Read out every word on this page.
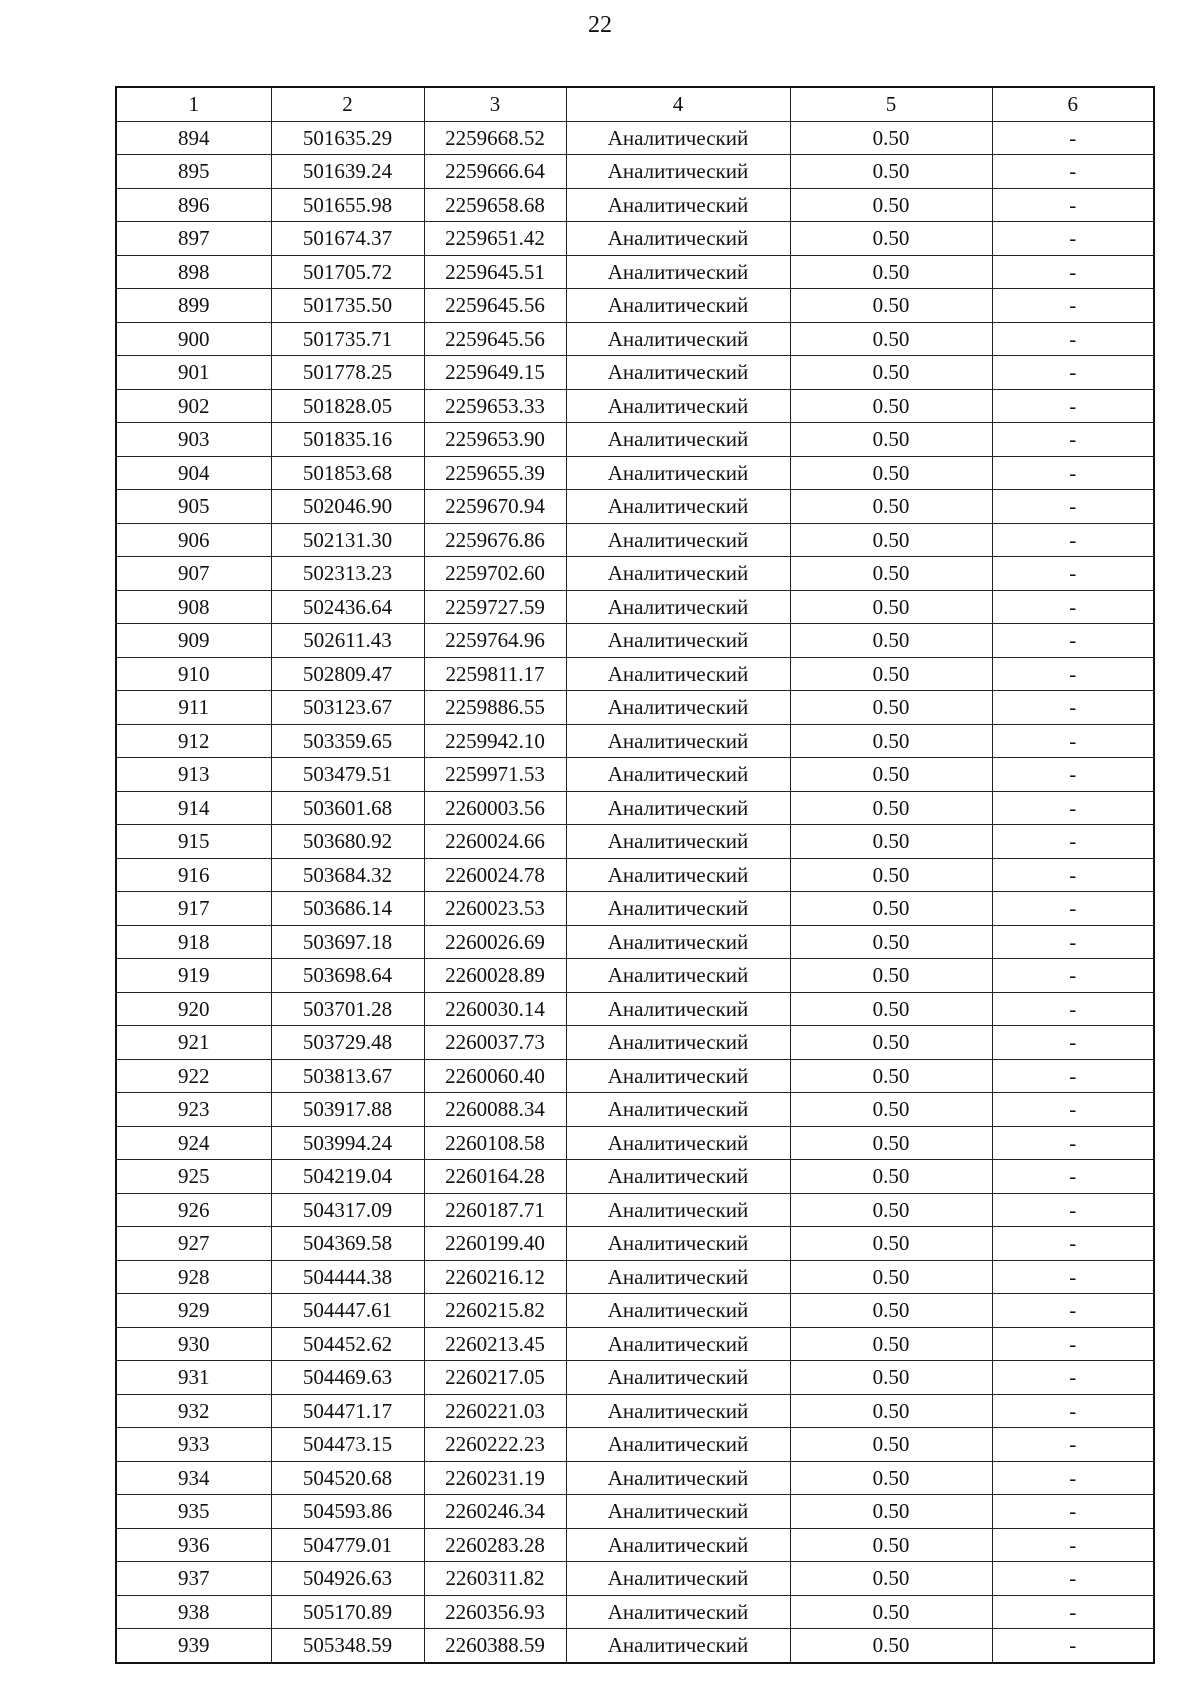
22
1	2	3	4	5	6
894	501635.29	2259668.52	Аналитический	0.50	-
895	501639.24	2259666.64	Аналитический	0.50	-
896	501655.98	2259658.68	Аналитический	0.50	-
897	501674.37	2259651.42	Аналитический	0.50	-
898	501705.72	2259645.51	Аналитический	0.50	-
899	501735.50	2259645.56	Аналитический	0.50	-
900	501735.71	2259645.56	Аналитический	0.50	-
901	501778.25	2259649.15	Аналитический	0.50	-
902	501828.05	2259653.33	Аналитический	0.50	-
903	501835.16	2259653.90	Аналитический	0.50	-
904	501853.68	2259655.39	Аналитический	0.50	-
905	502046.90	2259670.94	Аналитический	0.50	-
906	502131.30	2259676.86	Аналитический	0.50	-
907	502313.23	2259702.60	Аналитический	0.50	-
908	502436.64	2259727.59	Аналитический	0.50	-
909	502611.43	2259764.96	Аналитический	0.50	-
910	502809.47	2259811.17	Аналитический	0.50	-
911	503123.67	2259886.55	Аналитический	0.50	-
912	503359.65	2259942.10	Аналитический	0.50	-
913	503479.51	2259971.53	Аналитический	0.50	-
914	503601.68	2260003.56	Аналитический	0.50	-
915	503680.92	2260024.66	Аналитический	0.50	-
916	503684.32	2260024.78	Аналитический	0.50	-
917	503686.14	2260023.53	Аналитический	0.50	-
918	503697.18	2260026.69	Аналитический	0.50	-
919	503698.64	2260028.89	Аналитический	0.50	-
920	503701.28	2260030.14	Аналитический	0.50	-
921	503729.48	2260037.73	Аналитический	0.50	-
922	503813.67	2260060.40	Аналитический	0.50	-
923	503917.88	2260088.34	Аналитический	0.50	-
924	503994.24	2260108.58	Аналитический	0.50	-
925	504219.04	2260164.28	Аналитический	0.50	-
926	504317.09	2260187.71	Аналитический	0.50	-
927	504369.58	2260199.40	Аналитический	0.50	-
928	504444.38	2260216.12	Аналитический	0.50	-
929	504447.61	2260215.82	Аналитический	0.50	-
930	504452.62	2260213.45	Аналитический	0.50	-
931	504469.63	2260217.05	Аналитический	0.50	-
932	504471.17	2260221.03	Аналитический	0.50	-
933	504473.15	2260222.23	Аналитический	0.50	-
934	504520.68	2260231.19	Аналитический	0.50	-
935	504593.86	2260246.34	Аналитический	0.50	-
936	504779.01	2260283.28	Аналитический	0.50	-
937	504926.63	2260311.82	Аналитический	0.50	-
938	505170.89	2260356.93	Аналитический	0.50	-
939	505348.59	2260388.59	Аналитический	0.50	-
